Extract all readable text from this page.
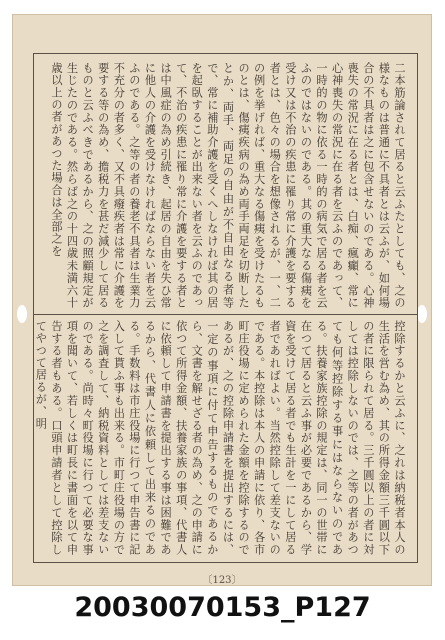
二本筋論されて居ると云ふたとしても、之の様なものは普通に不具者とは云ふが、如何場合の不具者は之に包含せないのである。心神喪失の常況に在る者とは、白痴、瘋癲、常に心神喪失の常況に在る者を云ふのであって、一時的の物に依る一時的の病気で居る者を云ふのではないのである。其の重大なる傷痍を受け又は不治の疾患に罹り常に介護を要する者とは、色々の場合を想像されるが、一、二の例を挙げれば、重大なる傷痍を受けたるものとは、傷痍疾病の為め両手両足を切断したとか、両手、両足の自由が不自由なる者等で、常に補助介護を受くへしなければ其の居を起臥することが出来ない者を云ふのであって、不治の疾患に罹り常に介護を要する者とは中風症の為め引続き、起居の自由を失ひ常に他人の介護を受けなければならない者を云ふのである。之等の者の養老不具者は生業力不充分の者多く、又不具癈疾者は常に介護を要する等の為め、擔税力を甚だ減少して居るものと云ふべきであるから、之の照顧規定が生じたのである。然らば之の十四歳未満六十歳以上の者があつた場合は全部之を
控除するかと云ふに、之れは納税者本人の生活を営む為め、其の所得金額三千圓以下の者に限られて居る。三千圓以上の者に対しては控除しないのでは、之等の者があつても何等控除する事にはならないのである。扶養家族控除の規定は、同一の世帯に在つて居ると云ふ事が必要であるから、学資を受けて居る者でも生計を一にして居る者であればよい。当然控除して差支ないのである。本控除は本人の申請に依り、各市町庄役場に定められた金額を控除するのであるが、之の控除申請書を提出するには、一定の事項に付て申告するものであるから、文書を解せざる者の為め、之の申請に依つて所得金額、扶養家族の事項、代書人に依頼して申請書を提出する事は困難であるから、代書人に依頼して出来るのである。手数料は市庄役場に行つて申告書に記入して貰ふ事も出来る。市町庄役場の方で之を調査して、納税資料としては差支ないのである。尚時々町役場に行つて必要な事項を聞いて、若しくは町長に書面を以て申告する者もある。口頭申請者として控除してやつて居るが、明
〔123〕
20030070153_P127
